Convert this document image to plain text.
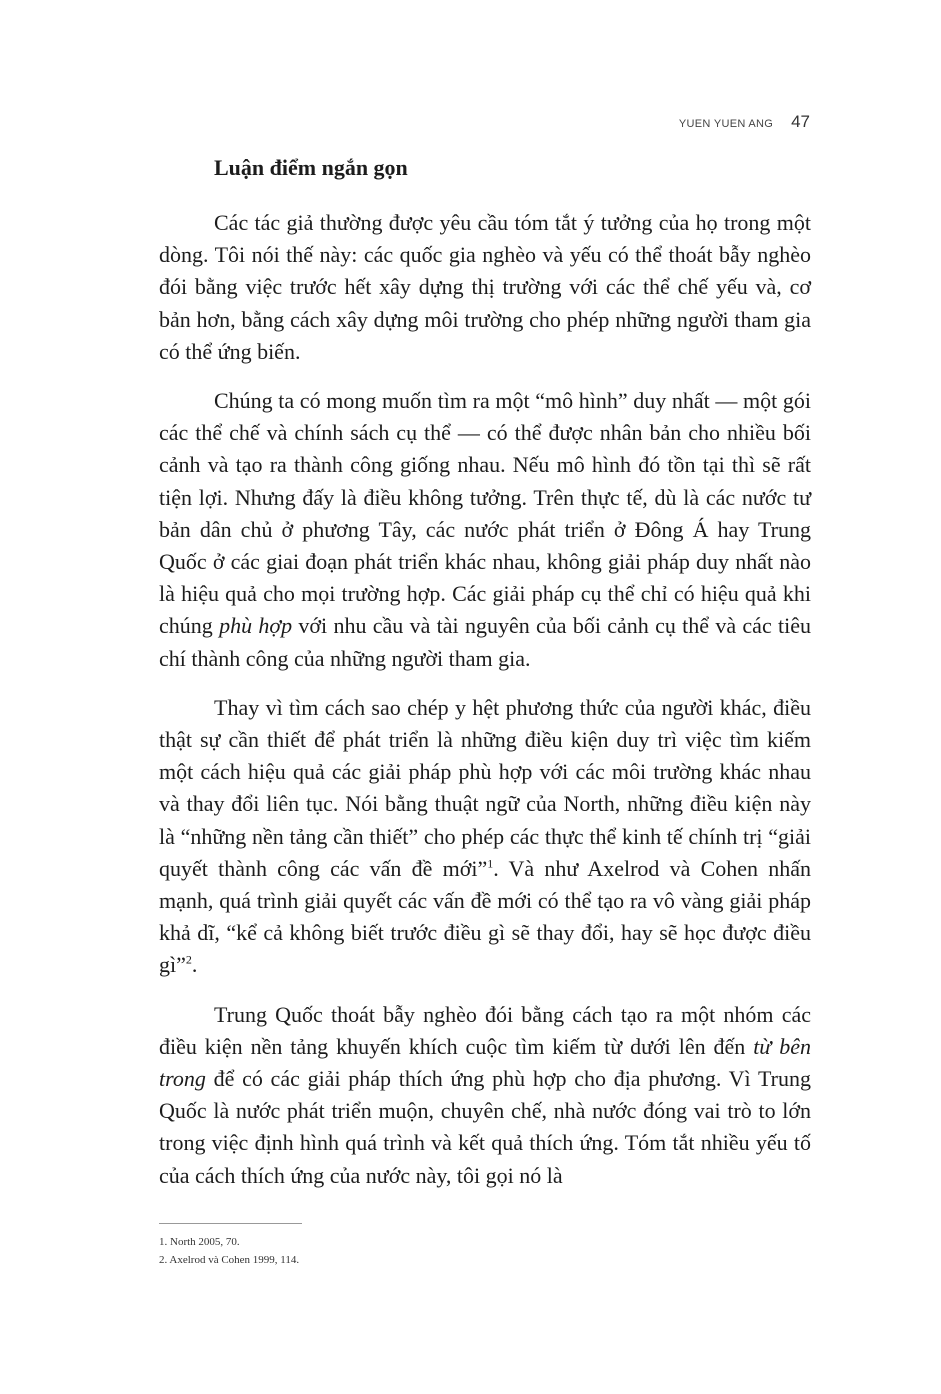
YUEN YUEN ANG 47
Luận điểm ngắn gọn

Các tác giả thường được yêu cầu tóm tắt ý tưởng của họ trong một dòng. Tôi nói thế này: các quốc gia nghèo và yếu có thể thoát bẫy nghèo đói bằng việc trước hết xây dựng thị trường với các thể chế yếu và, cơ bản hơn, bằng cách xây dựng môi trường cho phép những người tham gia có thể ứng biến.

Chúng ta có mong muốn tìm ra một “mô hình” duy nhất — một gói các thể chế và chính sách cụ thể — có thể được nhân bản cho nhiều bối cảnh và tạo ra thành công giống nhau. Nếu mô hình đó tồn tại thì sẽ rất tiện lợi. Nhưng đấy là điều không tưởng. Trên thực tế, dù là các nước tư bản dân chủ ở phương Tây, các nước phát triển ở Đông Á hay Trung Quốc ở các giai đoạn phát triển khác nhau, không giải pháp duy nhất nào là hiệu quả cho mọi trường hợp. Các giải pháp cụ thể chỉ có hiệu quả khi chúng phù hợp với nhu cầu và tài nguyên của bối cảnh cụ thể và các tiêu chí thành công của những người tham gia.

Thay vì tìm cách sao chép y hệt phương thức của người khác, điều thật sự cần thiết để phát triển là những điều kiện duy trì việc tìm kiếm một cách hiệu quả các giải pháp phù hợp với các môi trường khác nhau và thay đổi liên tục. Nói bằng thuật ngữ của North, những điều kiện này là “những nền tảng cần thiết” cho phép các thực thể kinh tế chính trị “giải quyết thành công các vấn đề mới”$^1$. Và như Axelrod và Cohen nhấn mạnh, quá trình giải quyết các vấn đề mới có thể tạo ra vô vàng giải pháp khả dĩ, “kể cả không biết trước điều gì sẽ thay đổi, hay sẽ học được điều gì”$^2$.

Trung Quốc thoát bẫy nghèo đói bằng cách tạo ra một nhóm các điều kiện nền tảng khuyến khích cuộc tìm kiếm từ dưới lên đến từ bên trong để có các giải pháp thích ứng phù hợp cho địa phương. Vì Trung Quốc là nước phát triển muộn, chuyên chế, nhà nước đóng vai trò to lớn trong việc định hình quá trình và kết quả thích ứng. Tóm tắt nhiều yếu tố của cách thích ứng của nước này, tôi gọi nó là

1. North 2005, 70.
2. Axelrod và Cohen 1999, 114.
